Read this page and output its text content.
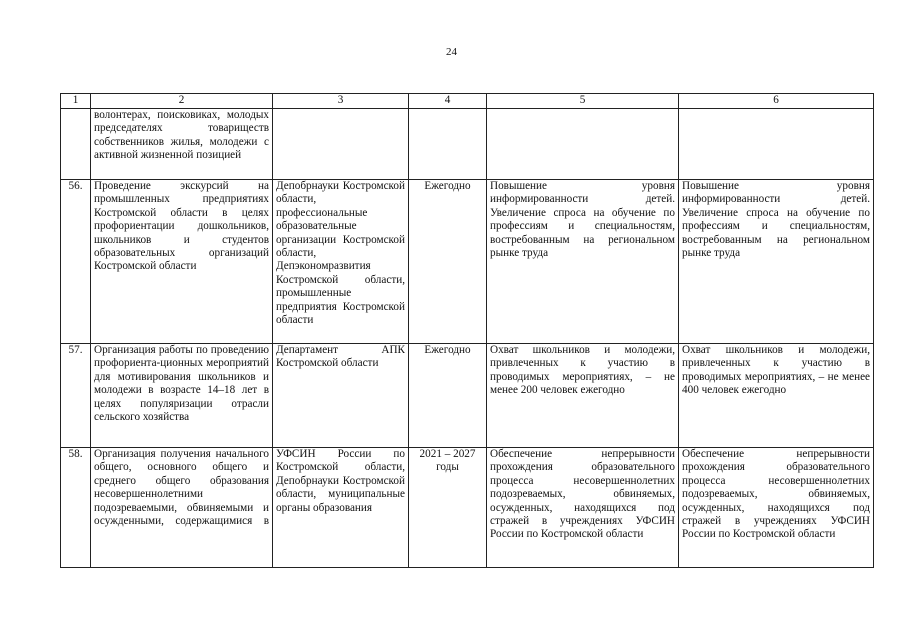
24
1	2	3	4	5	6

	волонтерах, поисковиках, молодых председателях товариществ собственников жилья, молодежи с активной жизненной позицией				

56.	Проведение экскурсий на промышленных предприятиях Костромской области в целях профориентации дошкольников, школьников и студентов образовательных организаций Костромской области	Депобрнауки Костромской области, профессиональные образовательные организации Костромской области, Депэкономразвития Костромской области, промышленные предприятия Костромской области	Ежегодно	Повышение уровня информированности детей. Увеличение спроса на обучение по профессиям и специальностям, востребованным на региональном рынке труда	Повышение уровня информированности детей. Увеличение спроса на обучение по профессиям и специальностям, востребованным на региональном рынке труда

57.	Организация работы по проведению профориента-ционных мероприятий для мотивирования школьников и молодежи в возрасте 14–18 лет в целях популяризации отрасли сельского хозяйства	Департамент АПК Костромской области	Ежегодно	Охват школьников и молодежи, привлеченных к участию в проводимых мероприятиях, – не менее 200 человек ежегодно	Охват школьников и молодежи, привлеченных к участию в проводимых мероприятиях, – не менее 400 человек ежегодно

58.	Организация получения начального общего, основного общего и среднего общего образования несовершеннолетними подозреваемыми, обвиняемыми и осужденными, содержащимися в	УФСИН России по Костромской области, Депобрнауки Костромской области, муниципальные органы образования	2021 – 2027 годы	Обеспечение непрерывности прохождения образовательного процесса несовершеннолетних подозреваемых, обвиняемых, осужденных, находящихся под стражей в учреждениях УФСИН России по Костромской области	Обеспечение непрерывности прохождения образовательного процесса несовершеннолетних подозреваемых, обвиняемых, осужденных, находящихся под стражей в учреждениях УФСИН России по Костромской области
